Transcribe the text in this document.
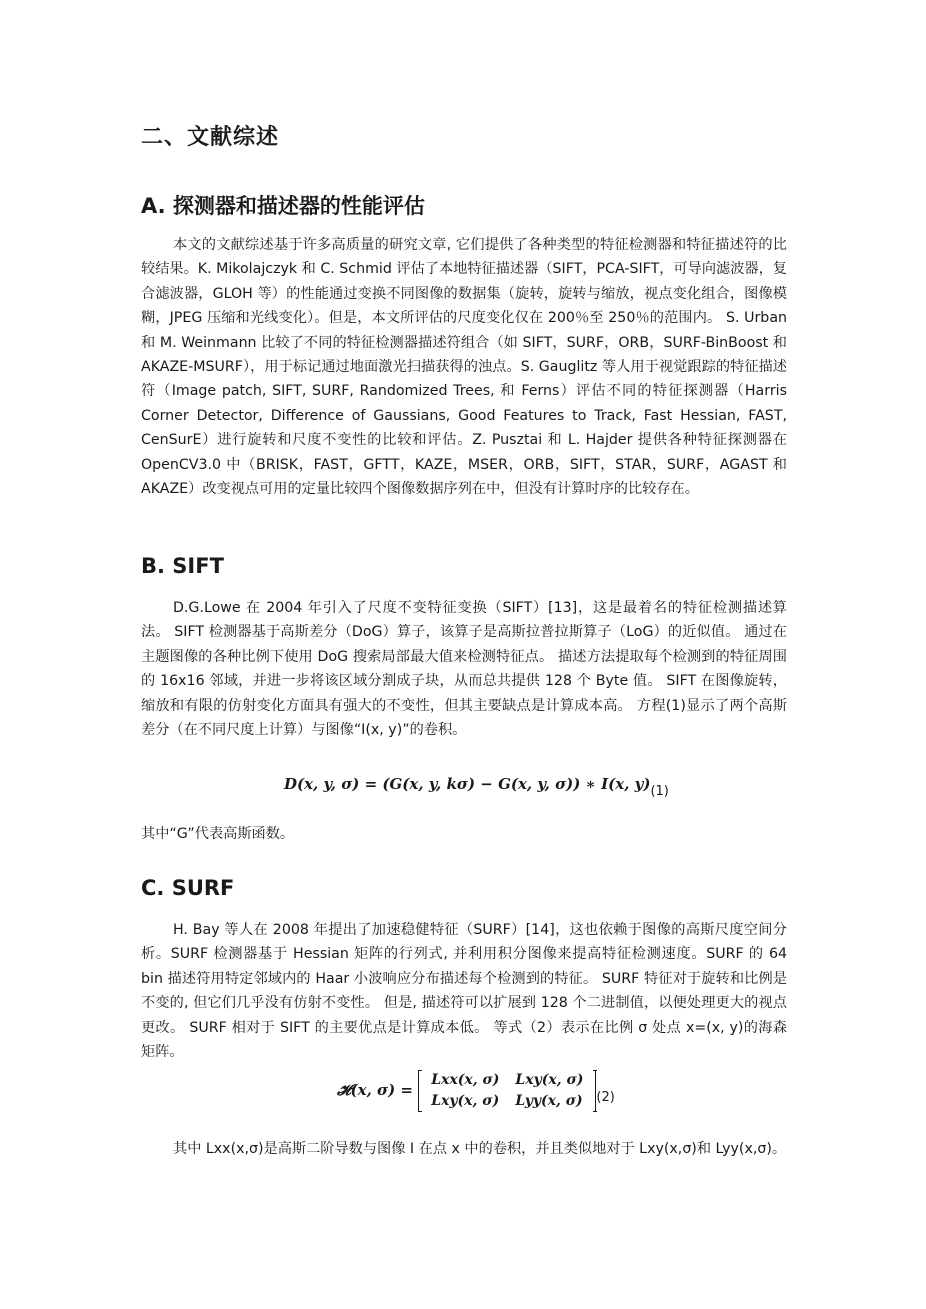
二、文献综述
A. 探测器和描述器的性能评估

本文的文献综述基于许多高质量的研究文章, 它们提供了各种类型的特征检测器和特征描述符的比较结果。K. Mikolajczyk 和 C. Schmid 评估了本地特征描述器（SIFT，PCA-SIFT，可导向滤波器，复合滤波器，GLOH 等）的性能通过变换不同图像的数据集（旋转，旋转与缩放，视点变化组合，图像模糊，JPEG 压缩和光线变化）。但是，本文所评估的尺度变化仅在 200％至 250％的范围内。 S. Urban 和 M. Weinmann 比较了不同的特征检测器描述符组合（如 SIFT，SURF，ORB，SURF-BinBoost 和 AKAZE-MSURF），用于标记通过地面激光扫描获得的浊点。S. Gauglitz 等人用于视觉跟踪的特征描述符（Image patch, SIFT, SURF, Randomized Trees, 和 Ferns）评估不同的特征探测器（Harris Corner Detector, Difference of Gaussians, Good Features to Track, Fast Hessian, FAST, CenSurE）进行旋转和尺度不变性的比较和评估。Z. Pusztai 和 L. Hajder 提供各种特征探测器在 OpenCV3.0 中（BRISK，FAST，GFTT，KAZE，MSER，ORB，SIFT，STAR，SURF，AGAST 和 AKAZE）改变视点可用的定量比较四个图像数据序列在中，但没有计算时序的比较存在。

B. SIFT

D.G.Lowe 在 2004 年引入了尺度不变特征变换（SIFT）[13]，这是最着名的特征检测描述算法。 SIFT 检测器基于高斯差分（DoG）算子，该算子是高斯拉普拉斯算子（LoG）的近似值。 通过在主题图像的各种比例下使用 DoG 搜索局部最大值来检测特征点。 描述方法提取每个检测到的特征周围的 16x16 邻域，并进一步将该区域分割成子块，从而总共提供 128 个 Byte 值。 SIFT 在图像旋转，缩放和有限的仿射变化方面具有强大的不变性，但其主要缺点是计算成本高。 方程(1)显示了两个高斯差分（在不同尺度上计算）与图像“I(x, y)”的卷积。

D(x, y, σ) = (G(x, y, kσ) − G(x, y, σ)) ∗ I(x, y)(1)

其中“G”代表高斯函数。

C. SURF

H. Bay 等人在 2008 年提出了加速稳健特征（SURF）[14]，这也依赖于图像的高斯尺度空间分析。SURF 检测器基于 Hessian 矩阵的行列式, 并利用积分图像来提高特征检测速度。SURF 的 64 bin 描述符用特定邻域内的 Haar 小波响应分布描述每个检测到的特征。 SURF 特征对于旋转和比例是不变的, 但它们几乎没有仿射不变性。 但是, 描述符可以扩展到 128 个二进制值，以便处理更大的视点更改。 SURF 相对于 SIFT 的主要优点是计算成本低。 等式（2）表示在比例 σ 处点 x=(x, y)的海森矩阵。

𝓗(x, σ) =
Lxx(x, σ)	Lxy(x, σ)
Lxy(x, σ)	Lyy(x, σ) (2)

其中 Lxx(x,σ)是高斯二阶导数与图像 I 在点 x 中的卷积，并且类似地对于 Lxy(x,σ)和 Lyy(x,σ)。
